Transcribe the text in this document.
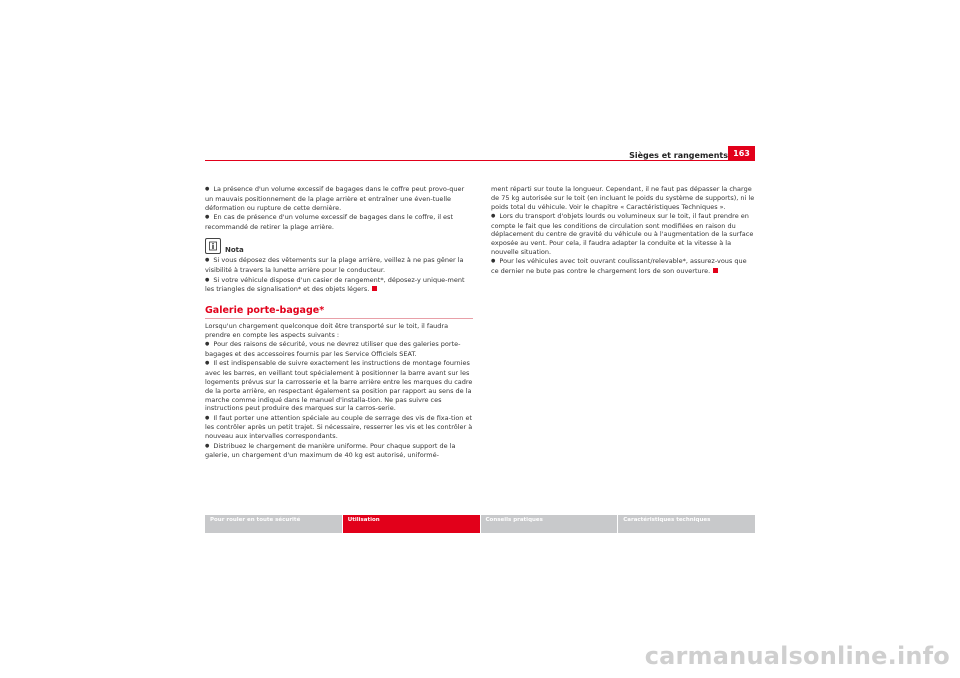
Sièges et rangements 163

● La présence d'un volume excessif de bagages dans le coffre peut provo-quer un mauvais positionnement de la plage arrière et entraîner une éven-tuelle déformation ou rupture de cette dernière.

● En cas de présence d'un volume excessif de bagages dans le coffre, il est recommandé de retirer la plage arrière.

Nota

● Si vous déposez des vêtements sur la plage arrière, veillez à ne pas gêner la visibilité à travers la lunette arrière pour le conducteur.

● Si votre véhicule dispose d'un casier de rangement*, déposez-y unique-ment les triangles de signalisation* et des objets légers.

Galerie porte-bagage*

Lorsqu'un chargement quelconque doit être transporté sur le toit, il faudra prendre en compte les aspects suivants :

● Pour des raisons de sécurité, vous ne devrez utiliser que des galeries porte-bagages et des accessoires fournis par les Service Officiels SEAT.

● Il est indispensable de suivre exactement les instructions de montage fournies avec les barres, en veillant tout spécialement à positionner la barre avant sur les logements prévus sur la carrosserie et la barre arrière entre les marques du cadre de la porte arrière, en respectant également sa position par rapport au sens de la marche comme indiqué dans le manuel d'installa-tion. Ne pas suivre ces instructions peut produire des marques sur la carros-serie.

● Il faut porter une attention spéciale au couple de serrage des vis de fixa-tion et les contrôler après un petit trajet. Si nécessaire, resserrer les vis et les contrôler à nouveau aux intervalles correspondants.

● Distribuez le chargement de manière uniforme. Pour chaque support de la galerie, un chargement d'un maximum de 40 kg est autorisé, uniformé-

ment réparti sur toute la longueur. Cependant, il ne faut pas dépasser la charge de 75 kg autorisée sur le toit (en incluant le poids du système de supports), ni le poids total du véhicule. Voir le chapitre « Caractéristiques Techniques ».

● Lors du transport d'objets lourds ou volumineux sur le toit, il faut prendre en compte le fait que les conditions de circulation sont modifiées en raison du déplacement du centre de gravité du véhicule ou à l'augmentation de la surface exposée au vent. Pour cela, il faudra adapter la conduite et la vitesse à la nouvelle situation.

● Pour les véhicules avec toit ouvrant coulissant/relevable*, assurez-vous que ce dernier ne bute pas contre le chargement lors de son ouverture.

Pour rouler en toute sécurité	Utilisation	Conseils pratiques	Caractéristiques techniques
carmanualsonline.info
